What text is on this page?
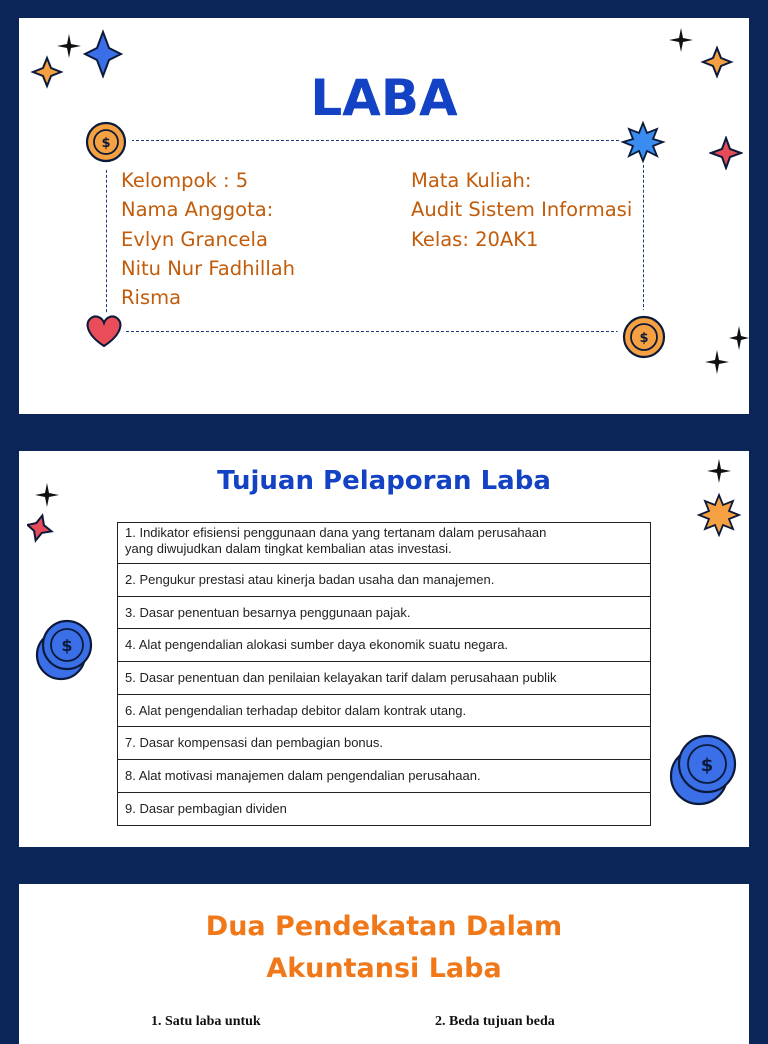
LABA
Kelompok : 5
Nama Anggota:
Evlyn Grancela
Nitu Nur Fadhillah
Risma
Mata Kuliah:
Audit Sistem Informasi
Kelas: 20AK1
$
$
Tujuan Pelaporan Laba
1. Indikator efisiensi penggunaan dana yang tertanam dalam perusahaan
yang diwujudkan dalam tingkat kembalian atas investasi.

2. Pengukur prestasi atau kinerja badan usaha dan manajemen.
3. Dasar penentuan besarnya penggunaan pajak.
4. Alat pengendalian alokasi sumber daya ekonomik suatu negara.
5. Dasar penentuan dan penilaian kelayakan tarif dalam perusahaan publik
6. Alat pengendalian terhadap debitor dalam kontrak utang.
7. Dasar kompensasi dan pembagian bonus.
8. Alat motivasi manajemen dalam pengendalian perusahaan.
9. Dasar pembagian dividen
$
$
Dua Pendekatan Dalam
Akuntansi Laba
1. Satu laba untuk	2. Beda tujuan beda
